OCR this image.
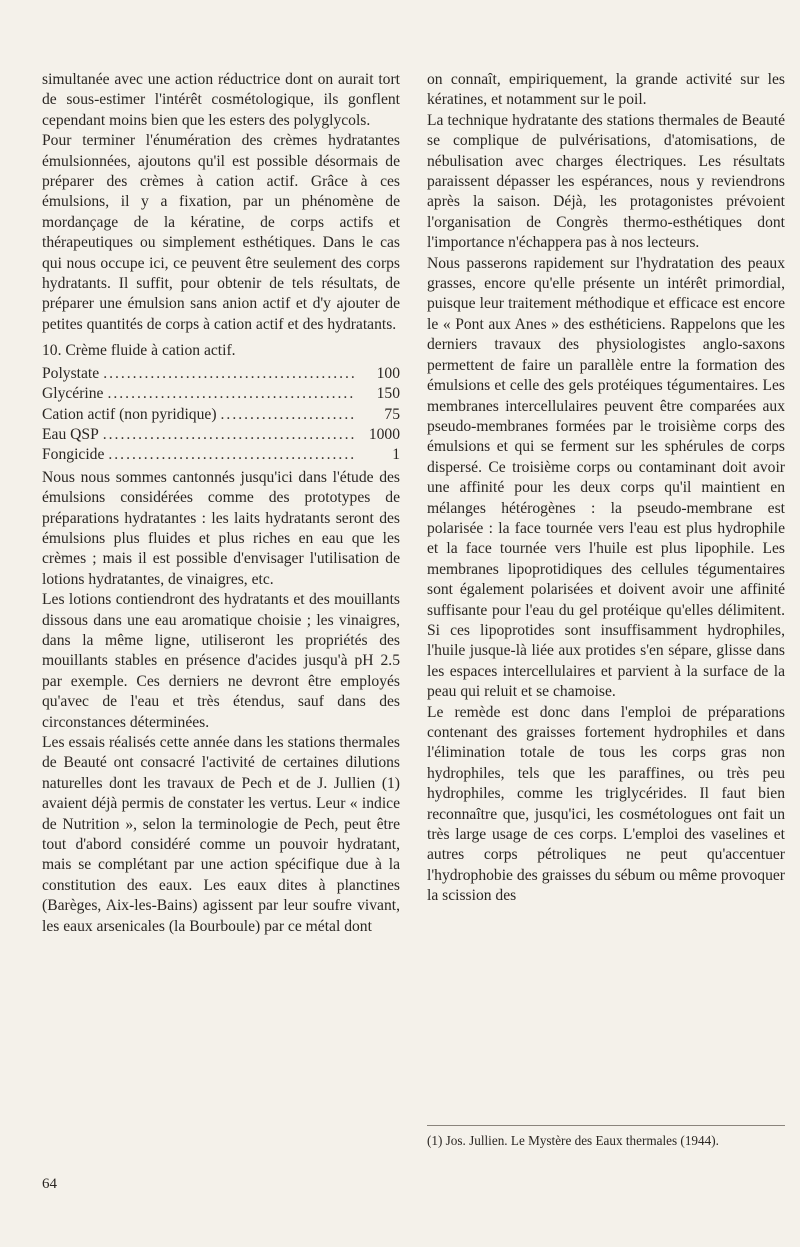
simultanée avec une action réductrice dont on aurait tort de sous-estimer l'intérêt cosmétologique, ils gonflent cependant moins bien que les esters des polyglycols.

Pour terminer l'énumération des crèmes hydratantes émulsionnées, ajoutons qu'il est possible désormais de préparer des crèmes à cation actif. Grâce à ces émulsions, il y a fixation, par un phénomène de mordançage de la kératine, de corps actifs et thérapeutiques ou simplement esthétiques. Dans le cas qui nous occupe ici, ce peuvent être seulement des corps hydratants. Il suffit, pour obtenir de tels résultats, de préparer une émulsion sans anion actif et d'y ajouter de petites quantités de corps à cation actif et des hydratants.

10. Crème fluide à cation actif.

Polystate .....	100
Glycérine .....	150
Cation actif (non pyridique) .....	75
Eau QSP .....	1000
Fongicide .....	1

Nous nous sommes cantonnés jusqu'ici dans l'étude des émulsions considérées comme des prototypes de préparations hydratantes : les laits hydratants seront des émulsions plus fluides et plus riches en eau que les crèmes ; mais il est possible d'envisager l'utilisation de lotions hydratantes, de vinaigres, etc.

Les lotions contiendront des hydratants et des mouillants dissous dans une eau aromatique choisie ; les vinaigres, dans la même ligne, utiliseront les propriétés des mouillants stables en présence d'acides jusqu'à pH 2.5 par exemple. Ces derniers ne devront être employés qu'avec de l'eau et très étendus, sauf dans des circonstances déterminées.

Les essais réalisés cette année dans les stations thermales de Beauté ont consacré l'activité de certaines dilutions naturelles dont les travaux de Pech et de J. Jullien (1) avaient déjà permis de constater les vertus. Leur « indice de Nutrition », selon la terminologie de Pech, peut être tout d'abord considéré comme un pouvoir hydratant, mais se complétant par une action spécifique due à la constitution des eaux. Les eaux dites à planctines (Barèges, Aix-les-Bains) agissent par leur soufre vivant, les eaux arsenicales (la Bourboule) par ce métal dont

on connaît, empiriquement, la grande activité sur les kératines, et notamment sur le poil.

La technique hydratante des stations thermales de Beauté se complique de pulvérisations, d'atomisations, de nébulisation avec charges électriques. Les résultats paraissent dépasser les espérances, nous y reviendrons après la saison. Déjà, les protagonistes prévoient l'organisation de Congrès thermo-esthétiques dont l'importance n'échappera pas à nos lecteurs.

Nous passerons rapidement sur l'hydratation des peaux grasses, encore qu'elle présente un intérêt primordial, puisque leur traitement méthodique et efficace est encore le « Pont aux Anes » des esthéticiens. Rappelons que les derniers travaux des physiologistes anglo-saxons permettent de faire un parallèle entre la formation des émulsions et celle des gels protéiques tégumentaires. Les membranes intercellulaires peuvent être comparées aux pseudo-membranes formées par le troisième corps des émulsions et qui se ferment sur les sphérules de corps dispersé. Ce troisième corps ou contaminant doit avoir une affinité pour les deux corps qu'il maintient en mélanges hétérogènes : la pseudo-membrane est polarisée : la face tournée vers l'eau est plus hydrophile et la face tournée vers l'huile est plus lipophile. Les membranes lipoprotidiques des cellules tégumentaires sont également polarisées et doivent avoir une affinité suffisante pour l'eau du gel protéique qu'elles délimitent. Si ces lipoprotides sont insuffisamment hydrophiles, l'huile jusque-là liée aux protides s'en sépare, glisse dans les espaces intercellulaires et parvient à la surface de la peau qui reluit et se chamoise.

Le remède est donc dans l'emploi de préparations contenant des graisses fortement hydrophiles et dans l'élimination totale de tous les corps gras non hydrophiles, tels que les paraffines, ou très peu hydrophiles, comme les triglycérides. Il faut bien reconnaître que, jusqu'ici, les cosmétologues ont fait un très large usage de ces corps. L'emploi des vaselines et autres corps pétroliques ne peut qu'accentuer l'hydrophobie des graisses du sébum ou même provoquer la scission des

(1) Jos. Jullien. Le Mystère des Eaux thermales (1944).
64
